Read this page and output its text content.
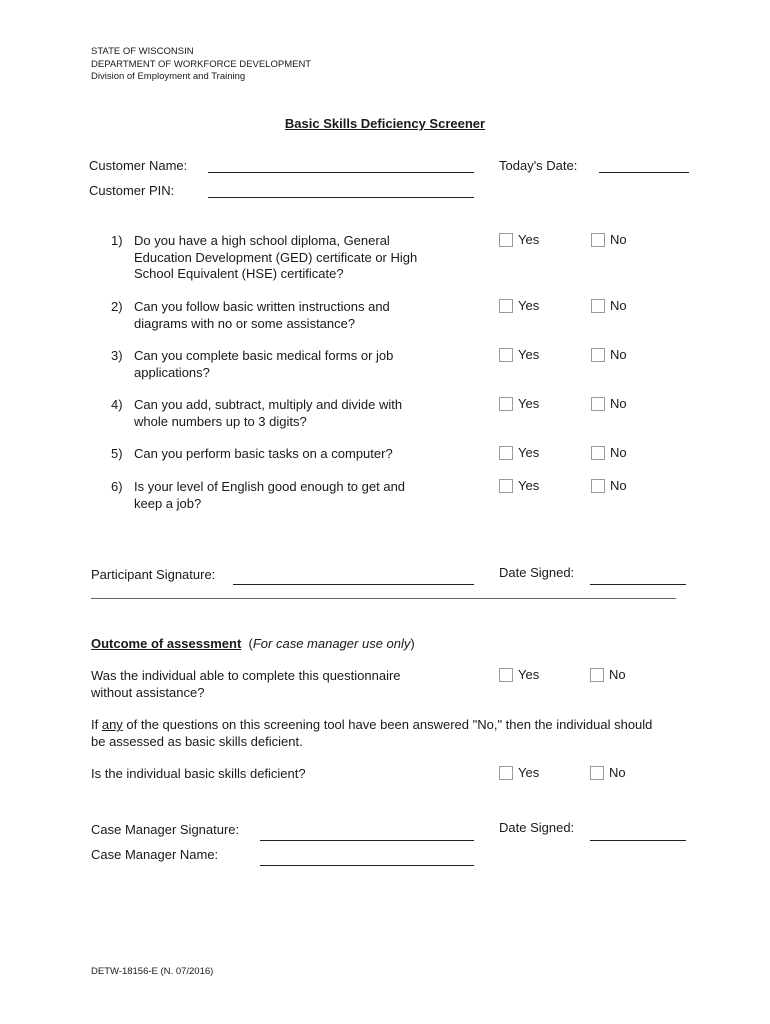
STATE OF WISCONSIN
DEPARTMENT OF WORKFORCE DEVELOPMENT
Division of Employment and Training
Basic Skills Deficiency Screener
Customer Name:	Today's Date:
Customer PIN:
1) Do you have a high school diploma, General Education Development (GED) certificate or High School Equivalent (HSE) certificate?
Yes	No
2) Can you follow basic written instructions and diagrams with no or some assistance?
Yes	No
3) Can you complete basic medical forms or job applications?
Yes	No
4) Can you add, subtract, multiply and divide with whole numbers up to 3 digits?
Yes	No
5) Can you perform basic tasks on a computer?	Yes	No
6) Is your level of English good enough to get and keep a job?
Yes	No
Participant Signature:	Date Signed:
Outcome of assessment (For case manager use only)
Was the individual able to complete this questionnaire without assistance?
Yes	No
If any of the questions on this screening tool have been answered "No," then the individual should be assessed as basic skills deficient.
Is the individual basic skills deficient?	Yes	No
Case Manager Signature:	Date Signed:
Case Manager Name:
DETW-18156-E (N. 07/2016)
